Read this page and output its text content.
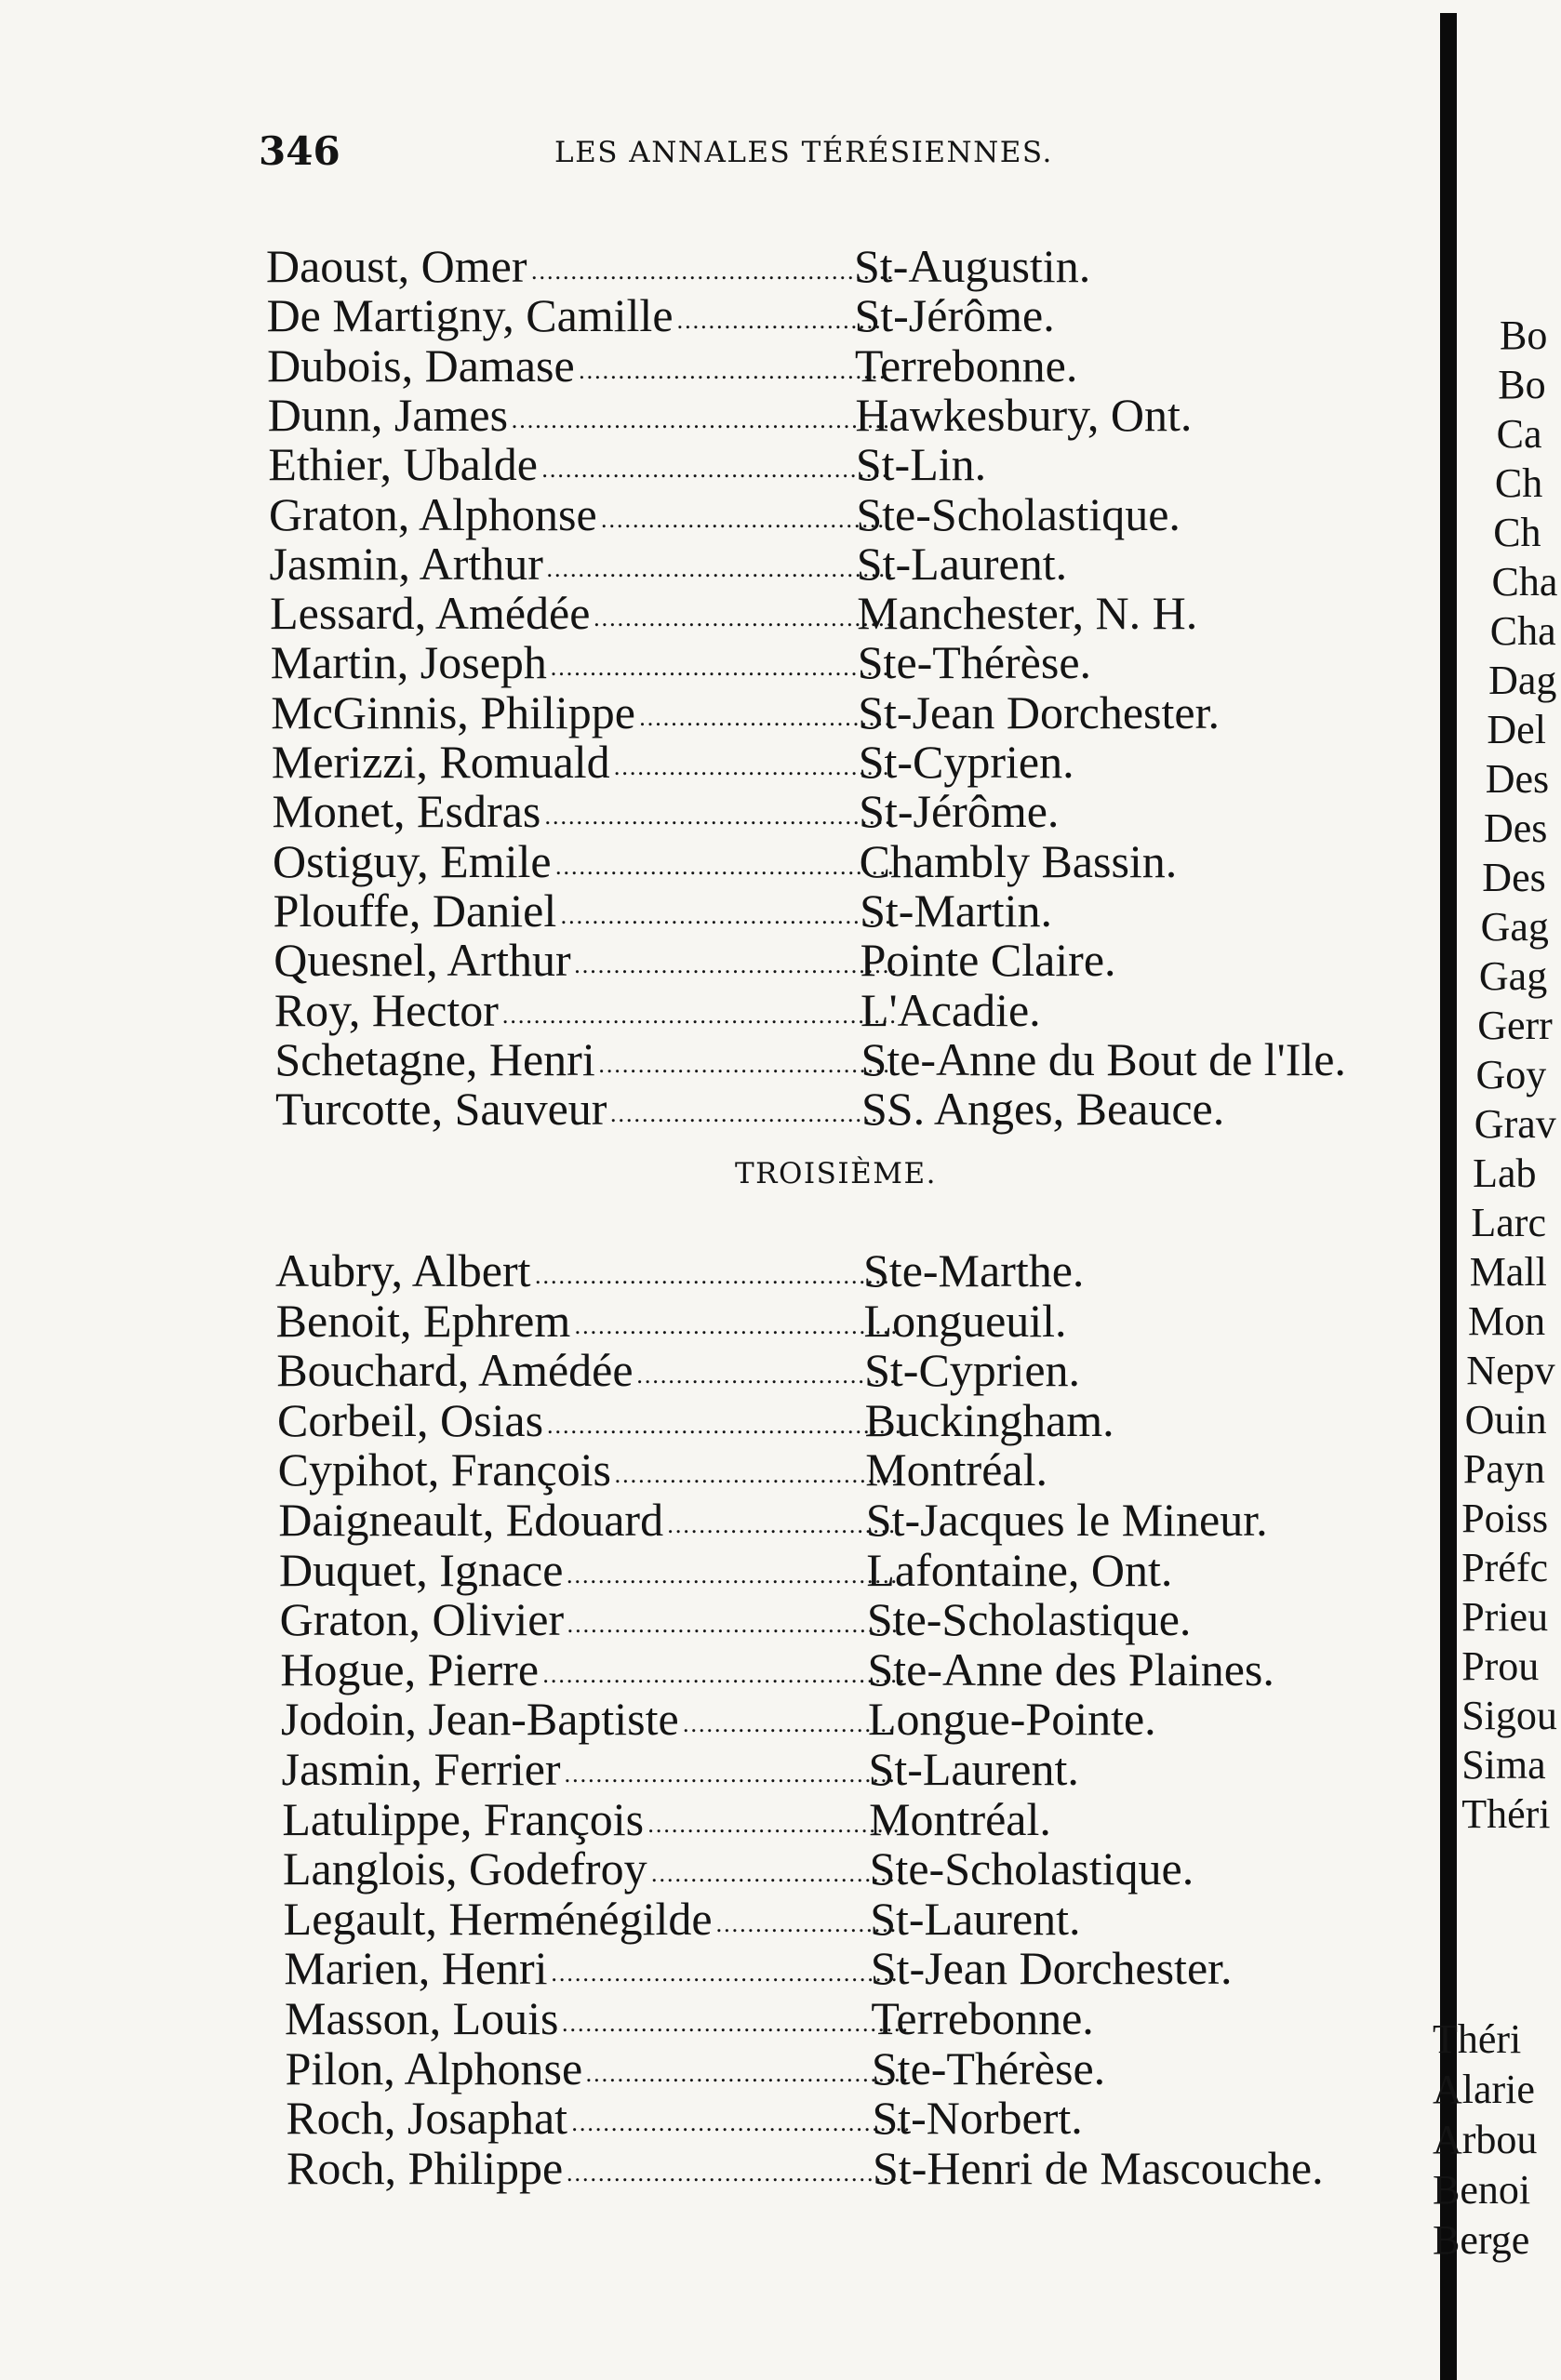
346	LES ANNALES TÉRÉSIENNES.
Daoust, Omer ..............................................
St-Augustin.
De Martigny, Camille ..........................
St-Jérôme.
Dubois, Damase .......................................
Terrebonne.
Dunn, James ................................................
Hawkesbury, Ont.
Ethier, Ubalde ............................................
St-Lin.
Graton, Alphonse ....................................
Ste-Scholastique.
Jasmin, Arthur ............................................
St-Laurent.
Lessard, Amédée ......................................
Manchester, N. H.
Martin, Joseph ...........................................
Ste-Thérèse.
McGinnis, Philippe ................................
St-Jean Dorchester.
Merizzi, Romuald ...................................
St-Cyprien.
Monet, Esdras ............................................
St-Jérôme.
Ostiguy, Emile ...........................................
Chambly Bassin.
Plouffe, Daniel ..........................................
St-Martin.
Quesnel, Arthur .........................................
Pointe Claire.
Roy, Hector ..................................................
L'Acadie.
Schetagne, Henri .....................................
Ste-Anne du Bout de l'Ile.
Turcotte, Sauveur ....................................
SS. Anges, Beauce.
TROISIÈME.
Aubry, Albert ..............................................
Ste-Marthe.
Benoit, Ephrem .........................................
Longueuil.
Bouchard, Amédée .................................
St-Cyprien.
Corbeil, Osias .............................................
Buckingham.
Cypihot, François ....................................
Montréal.
Daigneault, Edouard .............................
St-Jacques le Mineur.
Duquet, Ignace ..........................................
Lafontaine, Ont.
Graton, Olivier ..........................................
Ste-Scholastique.
Hogue, Pierre ..............................................
Ste-Anne des Plaines.
Jodoin, Jean-Baptiste ...........................
Longue-Pointe.
Jasmin, Ferrier ...........................................
St-Laurent.
Latulippe, François ................................
Montréal.
Langlois, Godefroy ................................
Ste-Scholastique.
Legault, Herménégilde .......................
St-Laurent.
Marien, Henri .............................................
St-Jean Dorchester.
Masson, Louis ............................................
Terrebonne.
Pilon, Alphonse .........................................
Ste-Thérèse.
Roch, Josaphat ...........................................
St-Norbert.
Roch, Philippe ...........................................
St-Henri de Mascouche.
Bo
Bo
Ca
Ch
Ch
Cha
Cha
Dag
Del
Des
Des
Des
Gag
Gag
Gerr
Goy
Grav
Lab
Larc
Mall
Mon
Nepv
Ouin
Payn
Poiss
Préfc
Prieu
Prou
Sigou
Sima
Théri
Théri
Alarie
Arbou
Benoi
Berge
